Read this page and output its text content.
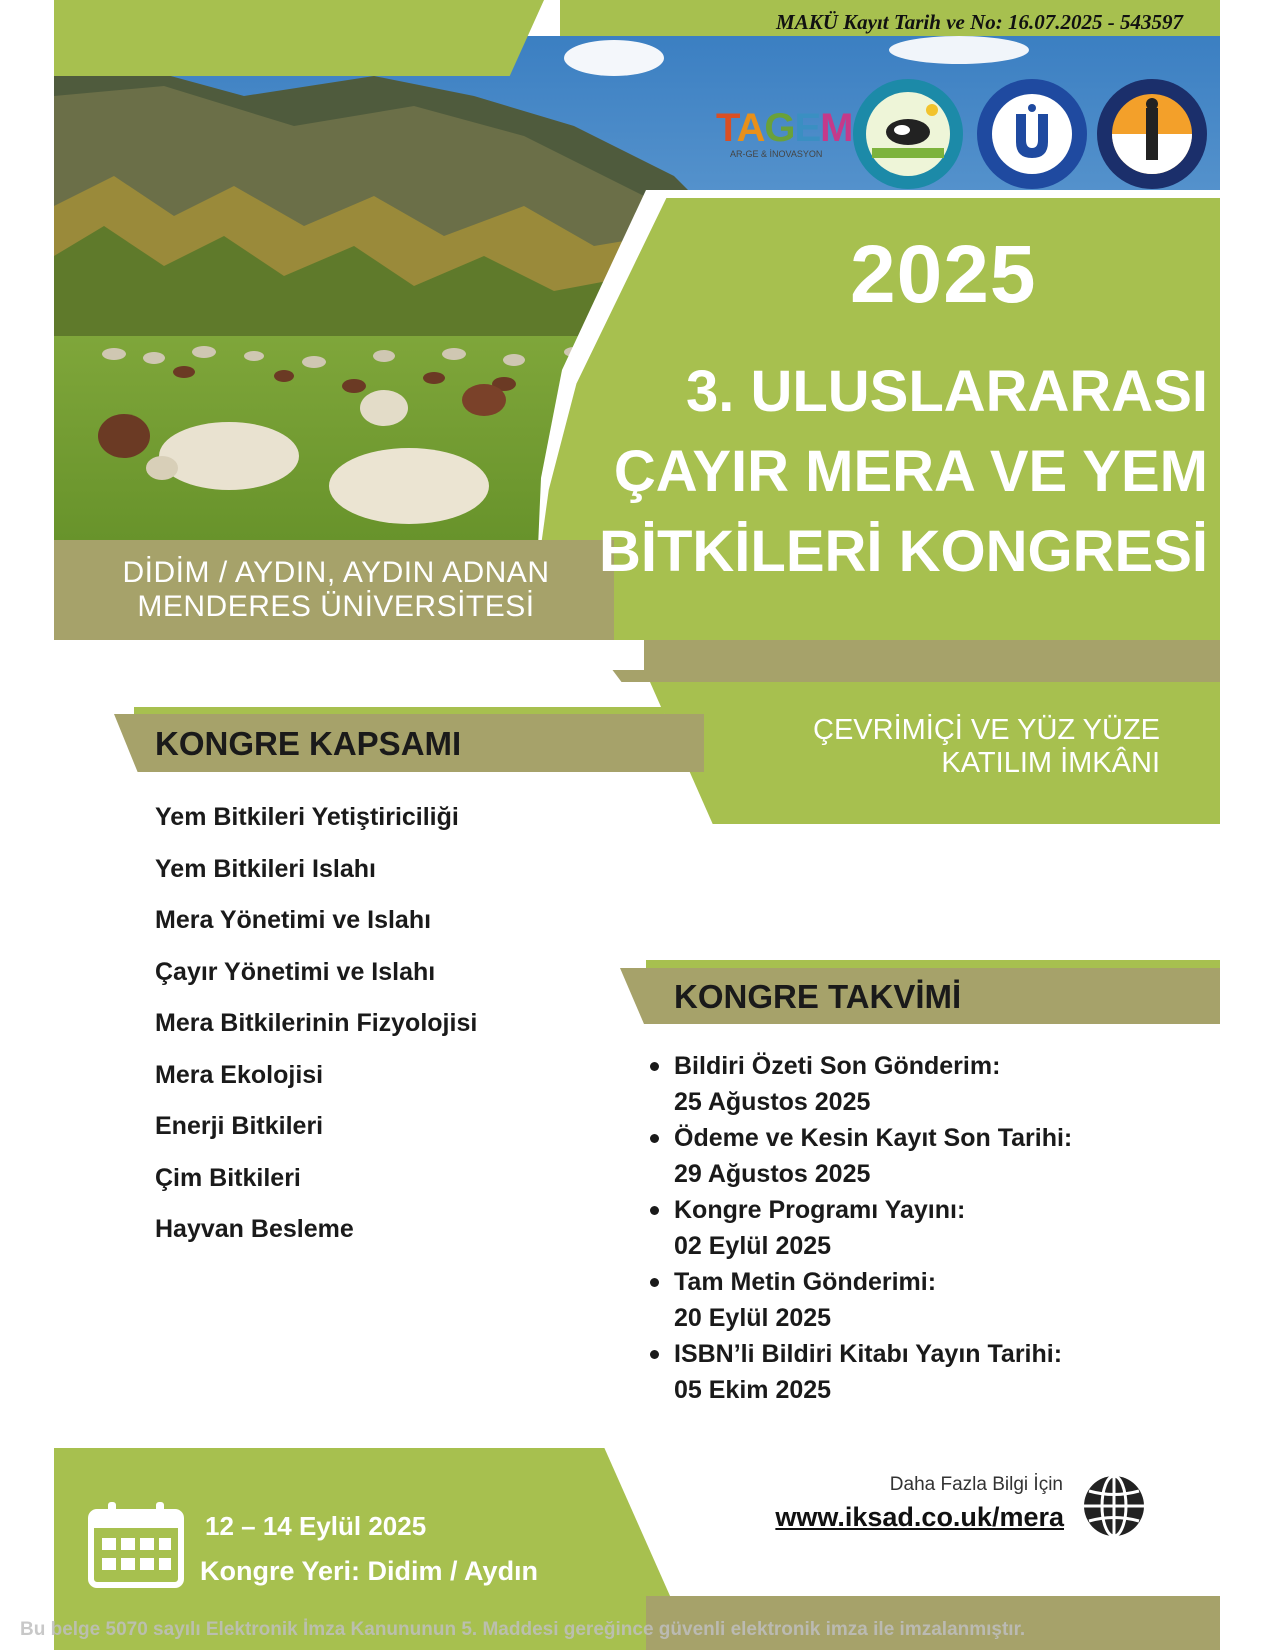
MAKÜ Kayıt Tarih ve No: 16.07.2025 - 543597
TAGEM
AR-GE & İNOVASYON
2025
3. ULUSLARARASI
ÇAYIR MERA VE YEM
BİTKİLERİ KONGRESİ
DİDİM / AYDIN, AYDIN ADNAN
MENDERES ÜNİVERSİTESİ
ÇEVRİMİÇİ VE YÜZ YÜZE
KATILIM İMKÂNI
KONGRE KAPSAMI
Yem Bitkileri Yetiştiriciliği
Yem Bitkileri Islahı
Mera Yönetimi ve Islahı
Çayır Yönetimi ve Islahı
Mera Bitkilerinin Fizyolojisi
Mera Ekolojisi
Enerji Bitkileri
Çim Bitkileri
Hayvan Besleme
KONGRE TAKVİMİ
Bildiri Özeti Son Gönderim:
25 Ağustos 2025
Ödeme ve Kesin Kayıt Son Tarihi:
29 Ağustos 2025
Kongre Programı Yayını:
02 Eylül 2025
Tam Metin Gönderimi:
20 Eylül 2025
ISBN’li Bildiri Kitabı Yayın Tarihi:
05 Ekim 2025
12 – 14 Eylül 2025
Kongre Yeri: Didim / Aydın
Daha Fazla Bilgi İçin
www.iksad.co.uk/mera
Bu belge 5070 sayılı Elektronik İmza Kanununun 5. Maddesi gereğince güvenli elektronik imza ile imzalanmıştır.
